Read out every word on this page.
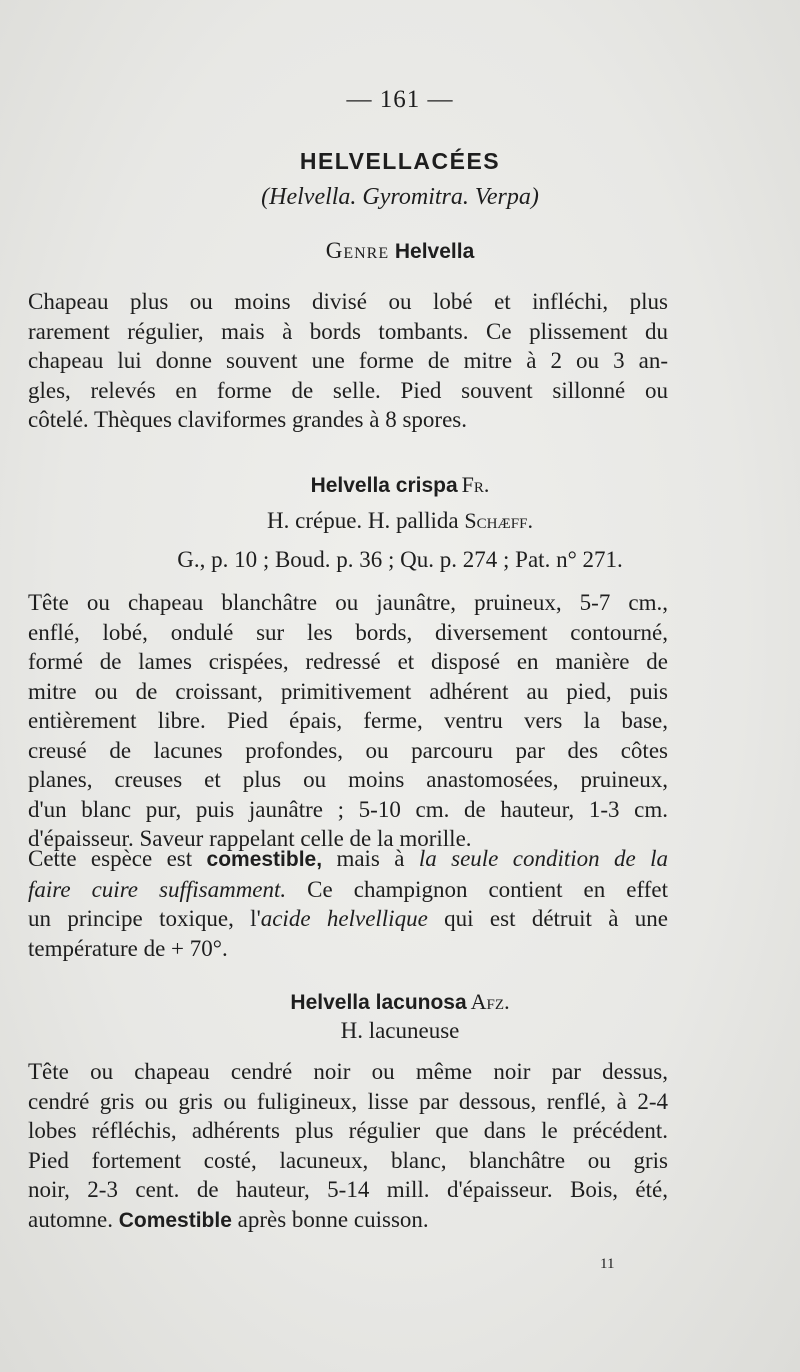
— 161 —
HELVELLACÉES
(Helvella. Gyromitra. Verpa)
Genre Helvella
Chapeau plus ou moins divisé ou lobé et infléchi, plus
rarement régulier, mais à bords tombants. Ce plissement du
chapeau lui donne souvent une forme de mitre à 2 ou 3 an-
gles, relevés en forme de selle. Pied souvent sillonné ou
côtelé. Thèques claviformes grandes à 8 spores.
Helvella crispa Fr.
H. crépue. H. pallida Schæff.
G., p. 10 ; Boud. p. 36 ; Qu. p. 274 ; Pat. n° 271.
Tête ou chapeau blanchâtre ou jaunâtre, pruineux, 5-7 cm.,
enflé, lobé, ondulé sur les bords, diversement contourné,
formé de lames crispées, redressé et disposé en manière de
mitre ou de croissant, primitivement adhérent au pied, puis
entièrement libre. Pied épais, ferme, ventru vers la base,
creusé de lacunes profondes, ou parcouru par des côtes
planes, creuses et plus ou moins anastomosées, pruineux,
d'un blanc pur, puis jaunâtre ; 5-10 cm. de hauteur, 1-3 cm.
d'épaisseur. Saveur rappelant celle de la morille.
Cette espèce est comestible, mais à la seule condition de la
faire cuire suffisamment. Ce champignon contient en effet
un principe toxique, l'acide helvellique qui est détruit à une
température de + 70°.
Helvella lacunosa Afz.
H. lacuneuse
Tête ou chapeau cendré noir ou même noir par dessus,
cendré gris ou gris ou fuligineux, lisse par dessous, renflé, à 2-4
lobes réfléchis, adhérents plus régulier que dans le précédent.
Pied fortement costé, lacuneux, blanc, blanchâtre ou gris
noir, 2-3 cent. de hauteur, 5-14 mill. d'épaisseur. Bois, été,
automne. Comestible après bonne cuisson.
11
